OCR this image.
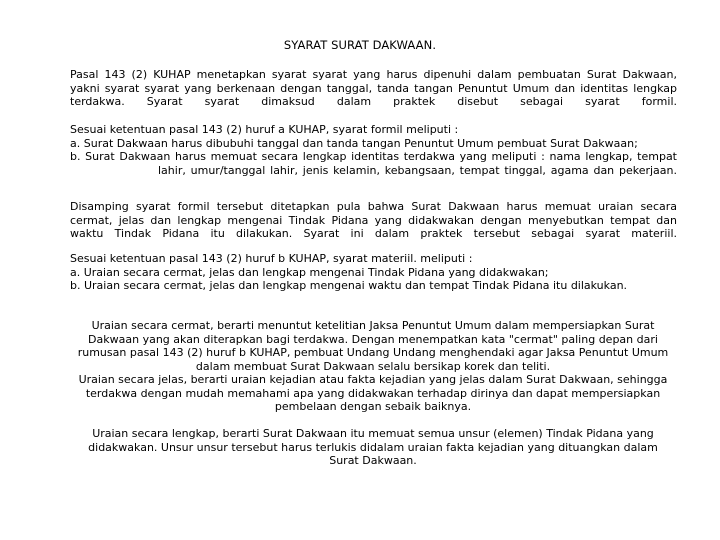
SYARAT SURAT DAKWAAN.
Pasal 143 (2) KUHAP menetapkan syarat syarat yang harus dipenuhi dalam pembuatan Surat Dakwaan,
yakni syarat syarat yang berkenaan dengan tanggal, tanda tangan Penuntut Umum dan identitas lengkap
terdakwa. Syarat syarat dimaksud dalam praktek disebut sebagai syarat formil.
Sesuai ketentuan pasal 143 (2) huruf a KUHAP, syarat formil meliputi :
a. Surat Dakwaan harus dibubuhi tanggal dan tanda tangan Penuntut Umum pembuat Surat Dakwaan;
b. Surat Dakwaan harus memuat secara lengkap identitas terdakwa yang meliputi : nama lengkap, tempat
lahir, umur/tanggal lahir, jenis kelamin, kebangsaan, tempat tinggal, agama dan pekerjaan.
Disamping syarat formil tersebut ditetapkan pula bahwa Surat Dakwaan harus memuat uraian secara
cermat, jelas dan lengkap mengenai Tindak Pidana yang didakwakan dengan menyebutkan tempat dan
waktu Tindak Pidana itu dilakukan. Syarat ini dalam praktek tersebut sebagai syarat materiil.
Sesuai ketentuan pasal 143 (2) huruf b KUHAP, syarat materiil. meliputi :
a. Uraian secara cermat, jelas dan lengkap mengenai Tindak Pidana yang didakwakan;
b. Uraian secara cermat, jelas dan lengkap mengenai waktu dan tempat Tindak Pidana itu dilakukan.
Uraian secara cermat, berarti menuntut ketelitian Jaksa Penuntut Umum dalam mempersiapkan Surat
Dakwaan yang akan diterapkan bagi terdakwa. Dengan menempatkan kata "cermat" paling depan dari
rumusan pasal 143 (2) huruf b KUHAP, pembuat Undang Undang menghendaki agar Jaksa Penuntut Umum
dalam membuat Surat Dakwaan selalu bersikap korek dan teliti.
Uraian secara jelas, berarti uraian kejadian atau fakta kejadian yang jelas dalam Surat Dakwaan, sehingga
terdakwa dengan mudah memahami apa yang didakwakan terhadap dirinya dan dapat mempersiapkan
pembelaan dengan sebaik baiknya.
Uraian secara lengkap, berarti Surat Dakwaan itu memuat semua unsur (elemen) Tindak Pidana yang
didakwakan. Unsur unsur tersebut harus terlukis didalam uraian fakta kejadian yang dituangkan dalam
Surat Dakwaan.
